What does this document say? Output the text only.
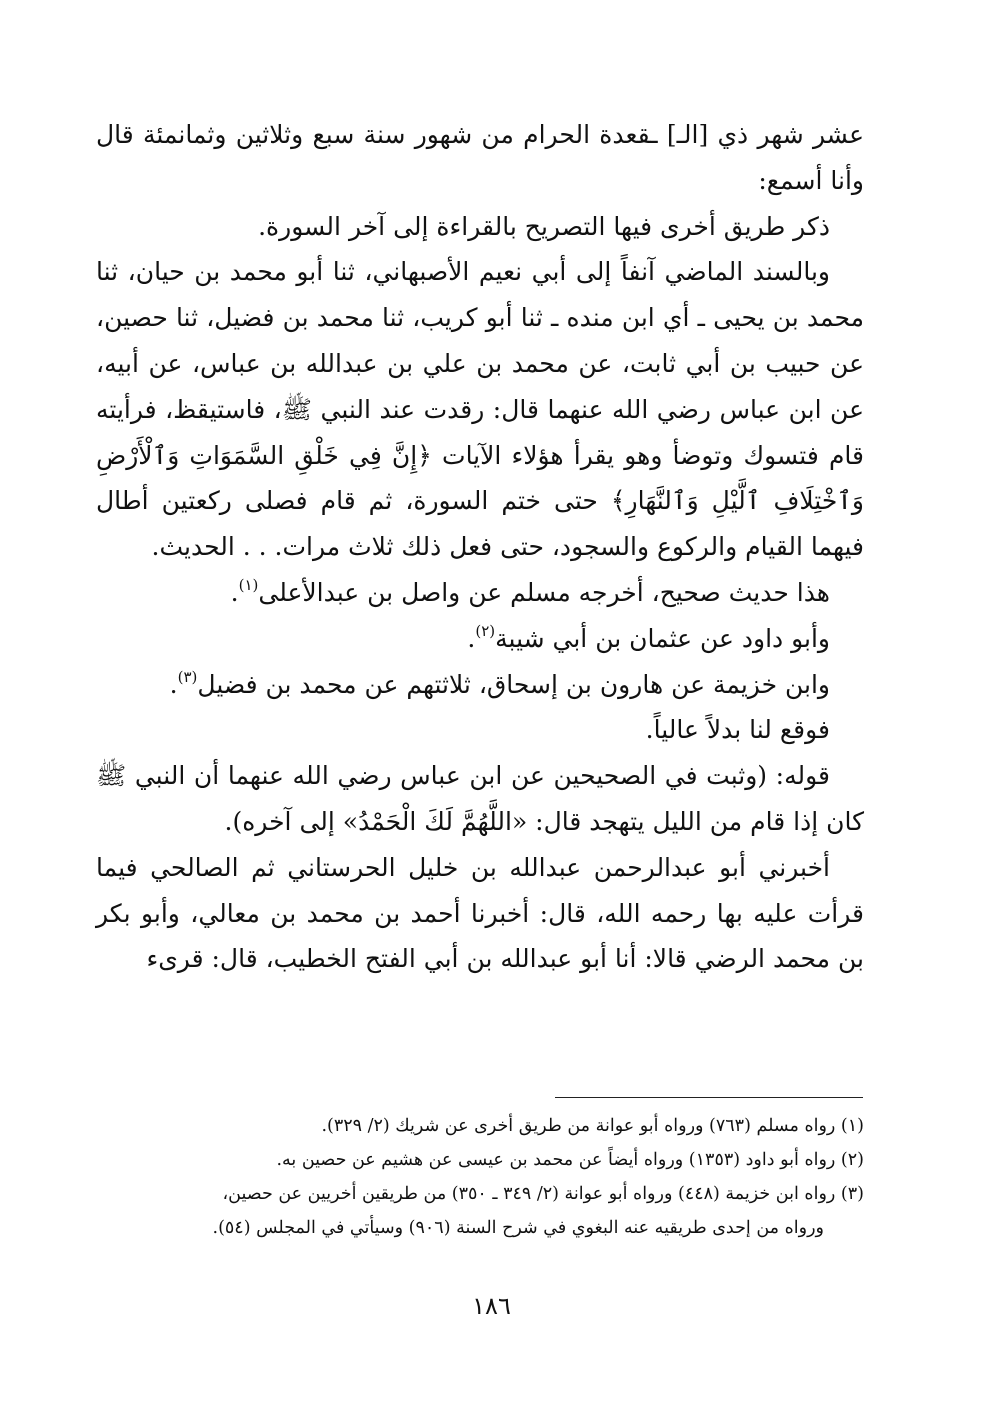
عشر شهر ذي [الـ] ـقعدة الحرام من شهور سنة سبع وثلاثين وثمانمئة قال وأنا أسمع:

ذكر طريق أخرى فيها التصريح بالقراءة إلى آخر السورة.

وبالسند الماضي آنفاً إلى أبي نعيم الأصبهاني، ثنا أبو محمد بن حيان، ثنا محمد بن يحيى ـ أي ابن منده ـ ثنا أبو كريب، ثنا محمد بن فضيل، ثنا حصين، عن حبيب بن أبي ثابت، عن محمد بن علي بن عبدالله بن عباس، عن أبيه، عن ابن عباس رضي الله عنهما قال: رقدت عند النبي ﷺ، فاستيقظ، فرأيته قام فتسوك وتوضأ وهو يقرأ هؤلاء الآيات ﴿إِنَّ فِي خَلْقِ السَّمَوَاتِ وَٱلْأَرْضِ وَٱخْتِلَافِ ٱلَّيْلِ وَٱلنَّهَارِ﴾ حتى ختم السورة، ثم قام فصلى ركعتين أطال فيهما القيام والركوع والسجود، حتى فعل ذلك ثلاث مرات. . . الحديث.

هذا حديث صحيح، أخرجه مسلم عن واصل بن عبدالأعلى$^{(١)}$.

وأبو داود عن عثمان بن أبي شيبة$^{(٢)}$.

وابن خزيمة عن هارون بن إسحاق، ثلاثتهم عن محمد بن فضيل$^{(٣)}$.

فوقع لنا بدلاً عالياً.

قوله: (وثبت في الصحيحين عن ابن عباس رضي الله عنهما أن النبي ﷺ كان إذا قام من الليل يتهجد قال: «اللَّهُمَّ لَكَ الْحَمْدُ» إلى آخره).

أخبرني أبو عبدالرحمن عبدالله بن خليل الحرستاني ثم الصالحي فيما قرأت عليه بها رحمه الله، قال: أخبرنا أحمد بن محمد بن معالي، وأبو بكر بن محمد الرضي قالا: أنا أبو عبدالله بن أبي الفتح الخطيب، قال: قرىء

(١) رواه مسلم (٧٦٣) ورواه أبو عوانة من طريق أخرى عن شريك (٢/ ٣٢٩).

(٢) رواه أبو داود (١٣٥٣) ورواه أيضاً عن محمد بن عيسى عن هشيم عن حصين به.

(٣) رواه ابن خزيمة (٤٤٨) ورواه أبو عوانة (٢/ ٣٤٩ ـ ٣٥٠) من طريقين أخريين عن حصين،

ورواه من إحدى طريقيه عنه البغوي في شرح السنة (٩٠٦) وسيأتي في المجلس (٥٤).

١٨٦
